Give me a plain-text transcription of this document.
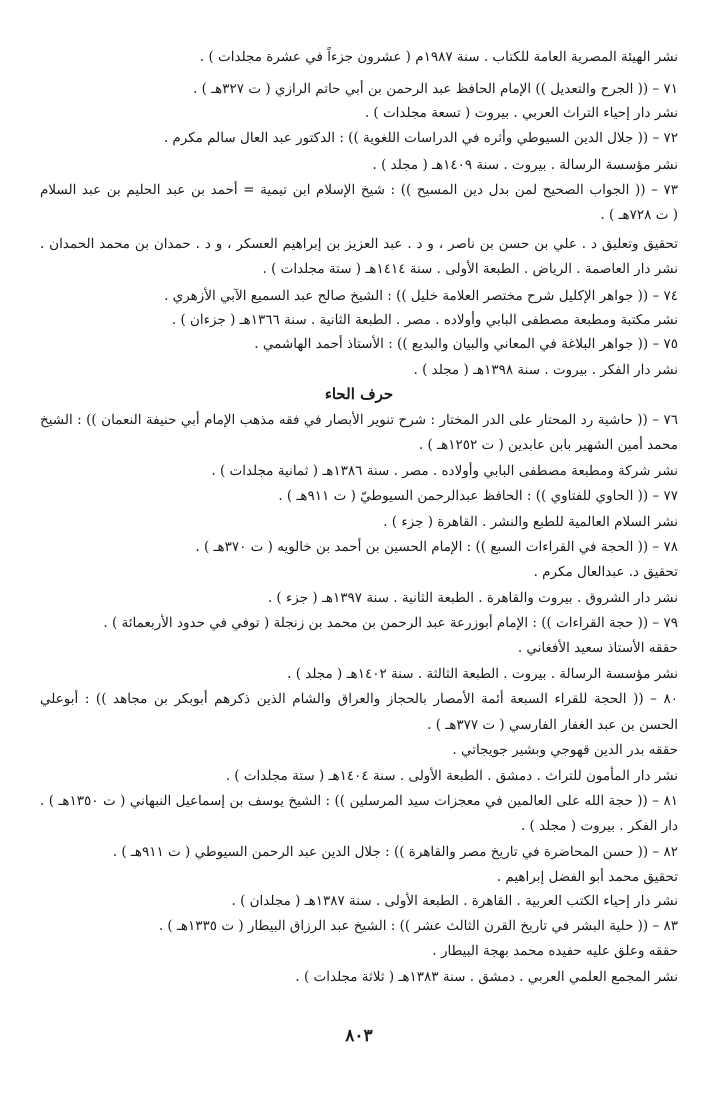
نشر الهيئة المصرية العامة للكتاب . سنة ١٩٨٧م ( عشرون جزءاً في عشرة مجلدات ) .
٧١ – (( الجرح والتعديل )) الإمام الحافظ عبد الرحمن بن أبي حاتم الرازي ( ت ٣٢٧هـ ) .
نشر دار إحياء التراث العربي . بيروت ( تسعة مجلدات ) .
٧٢ – (( جلال الدين السيوطي وأثره في الدراسات اللغوية )) : الدكتور عبد العال سالم مكرم .
نشر مؤسسة الرسالة . بيروت . سنة ١٤٠٩هـ ( مجلد ) .
٧٣ – (( الجواب الصحيح لمن بدل دين المسيح )) : شيخ الإسلام ابن تيمية = أحمد بن عبد الحليم بن عبد السلام
( ت ٧٢٨هـ ) .
تحقيق وتعليق د . علي بن حسن بن ناصر ، و د . عبد العزيز بن إبراهيم العسكر ، و د . حمدان بن محمد الحمدان .
نشر دار العاصمة . الرياض . الطبعة الأولى . سنة ١٤١٤هـ ( ستة مجلدات ) .
٧٤ – (( جواهر الإكليل شرح مختصر العلامة خليل )) : الشيخ صالح عبد السميع الآبي الأزهري .
نشر مكتبة ومطبعة مصطفى البابي وأولاده . مصر . الطبعة الثانية . سنة ١٣٦٦هـ ( جزءان ) .
٧٥ – (( جواهر البلاغة في المعاني والبيان والبديع )) : الأستاذ أحمد الهاشمي .
نشر دار الفكر . بيروت . سنة ١٣٩٨هـ ( مجلد ) .
حرف الحاء
٧٦ – (( حاشية رد المحتار على الدر المختار : شرح تنوير الأبصار في فقه مذهب الإمام أبي حنيفة النعمان )) : الشيخ
محمد أمين الشهير بابن عابدين ( ت ١٢٥٢هـ ) .
نشر شركة ومطبعة مصطفى البابي وأولاده . مصر . سنة ١٣٨٦هـ ( ثمانية مجلدات ) .
٧٧ – (( الحاوي للفتاوي )) : الحافظ عبدالرحمن السيوطيّ ( ت ٩١١هـ ) .
نشر السلام العالمية للطبع والنشر . القاهرة ( جزء ) .
٧٨ – (( الحجة في القراءات السبع )) : الإمام الحسين بن أحمد بن خالويه ( ت ٣٧٠هـ ) .
تحقيق د. عبدالعال مكرم .
نشر دار الشروق . بيروت والقاهرة . الطبعة الثانية . سنة ١٣٩٧هـ ( جزء ) .
٧٩ – (( حجة القراءات )) : الإمام أبوزرعة عبد الرحمن بن محمد بن زنجلة ( توفي في حدود الأربعمائة ) .
حققه الأستاذ سعيد الأفغاني .
نشر مؤسسة الرسالة . بيروت . الطبعة الثالثة . سنة ١٤٠٢هـ ( مجلد ) .
٨٠ – (( الحجة للقراء السبعة أئمة الأمصار بالحجاز والعراق والشام الذين ذكرهم أبوبكر بن مجاهد )) : أبوعلي
الحسن بن عبد الغفار الفارسي ( ت ٣٧٧هـ ) .
حققه بدر الدين قهوجي وبشير جويجاتي .
نشر دار المأمون للتراث . دمشق . الطبعة الأولى . سنة ١٤٠٤هـ ( ستة مجلدات ) .
٨١ – (( حجة الله على العالمين في معجزات سيد المرسلين )) : الشيخ يوسف بن إسماعيل النبهاني ( ت ١٣٥٠هـ ) .
دار الفكر . بيروت ( مجلد ) .
٨٢ – (( حسن المحاضرة في تاريخ مصر والقاهرة )) : جلال الدين عبد الرحمن السيوطي ( ت ٩١١هـ ) .
تحقيق محمد أبو الفضل إبراهيم .
نشر دار إحياء الكتب العربية . القاهرة . الطبعة الأولى . سنة ١٣٨٧هـ ( مجلدان ) .
٨٣ – (( حلية البشر في تاريخ القرن الثالث عشر )) : الشيخ عبد الرزاق البيطار ( ت ١٣٣٥هـ ) .
حققه وعلق عليه حفيده محمد بهجة البيطار .
نشر المجمع العلمي العربي . دمشق . سنة ١٣٨٣هـ ( ثلاثة مجلدات ) .
٨٠٣
